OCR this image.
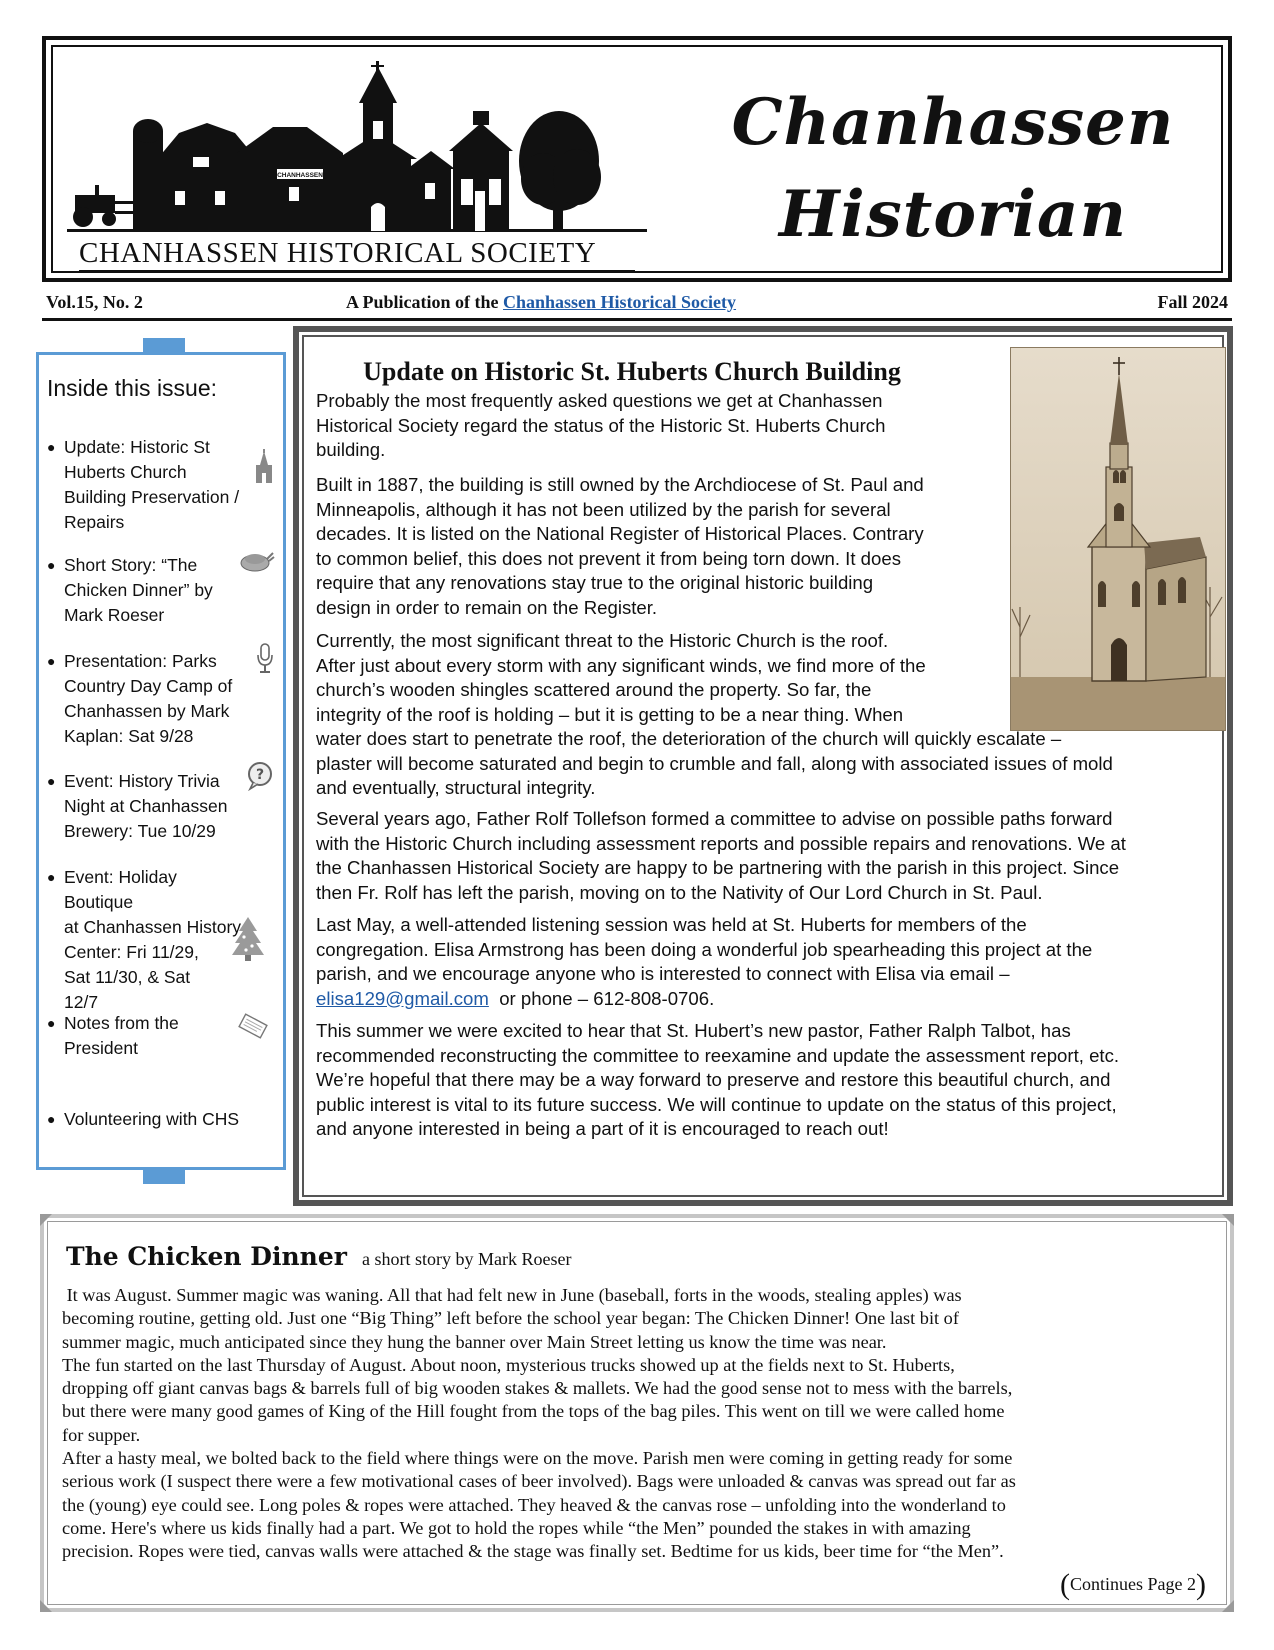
CHANHASSEN
CHANHASSEN HISTORICAL SOCIETY
Chanhassen
Historian
Vol.15, No. 2	A Publication of the Chanhassen Historical Society	Fall 2024
Inside this issue:
● Update: Historic St
Huberts Church
Building Preservation /
Repairs
● Short Story: “The
Chicken Dinner” by
Mark Roeser
● Presentation: Parks
Country Day Camp of
Chanhassen by Mark
Kaplan: Sat 9/28
● Event: History Trivia
Night at Chanhassen
Brewery: Tue 10/29
?
● Event: Holiday Boutique
at Chanhassen History
Center: Fri 11/29,
Sat 11/30, & Sat
12/7
● Notes from the
President
● Volunteering with CHS
Update on Historic St. Huberts Church Building
Probably the most frequently asked questions we get at Chanhassen
Historical Society regard the status of the Historic St. Huberts Church
building.
Built in 1887, the building is still owned by the Archdiocese of St. Paul and
Minneapolis, although it has not been utilized by the parish for several
decades. It is listed on the National Register of Historical Places. Contrary
to common belief, this does not prevent it from being torn down. It does
require that any renovations stay true to the original historic building
design in order to remain on the Register.
Currently, the most significant threat to the Historic Church is the roof.
After just about every storm with any significant winds, we find more of the
church’s wooden shingles scattered around the property. So far, the
integrity of the roof is holding – but it is getting to be a near thing. When
water does start to penetrate the roof, the deterioration of the church will quickly escalate –
plaster will become saturated and begin to crumble and fall, along with associated issues of mold
and eventually, structural integrity.
Several years ago, Father Rolf Tollefson formed a committee to advise on possible paths forward
with the Historic Church including assessment reports and possible repairs and renovations. We at
the Chanhassen Historical Society are happy to be partnering with the parish in this project. Since
then Fr. Rolf has left the parish, moving on to the Nativity of Our Lord Church in St. Paul.
Last May, a well-attended listening session was held at St. Huberts for members of the
congregation. Elisa Armstrong has been doing a wonderful job spearheading this project at the
parish, and we encourage anyone who is interested to connect with Elisa via email –
elisa129@gmail.com  or phone – 612-808-0706.
This summer we were excited to hear that St. Hubert’s new pastor, Father Ralph Talbot, has
recommended reconstructing the committee to reexamine and update the assessment report, etc.
We’re hopeful that there may be a way forward to preserve and restore this beautiful church, and
public interest is vital to its future success. We will continue to update on the status of this project,
and anyone interested in being a part of it is encouraged to reach out!
The Chicken Dinner a short story by Mark Roeser
It was August. Summer magic was waning. All that had felt new in June (baseball, forts in the woods, stealing apples) was
becoming routine, getting old. Just one “Big Thing” left before the school year began: The Chicken Dinner! One last bit of
summer magic, much anticipated since they hung the banner over Main Street letting us know the time was near.
The fun started on the last Thursday of August. About noon, mysterious trucks showed up at the fields next to St. Huberts,
dropping off giant canvas bags & barrels full of big wooden stakes & mallets. We had the good sense not to mess with the barrels,
but there were many good games of King of the Hill fought from the tops of the bag piles. This went on till we were called home
for supper.
After a hasty meal, we bolted back to the field where things were on the move. Parish men were coming in getting ready for some
serious work (I suspect there were a few motivational cases of beer involved). Bags were unloaded & canvas was spread out far as
the (young) eye could see. Long poles & ropes were attached. They heaved & the canvas rose – unfolding into the wonderland to
come. Here's where us kids finally had a part. We got to hold the ropes while “the Men” pounded the stakes in with amazing
precision. Ropes were tied, canvas walls were attached & the stage was finally set. Bedtime for us kids, beer time for “the Men”.
(Continues Page 2)
